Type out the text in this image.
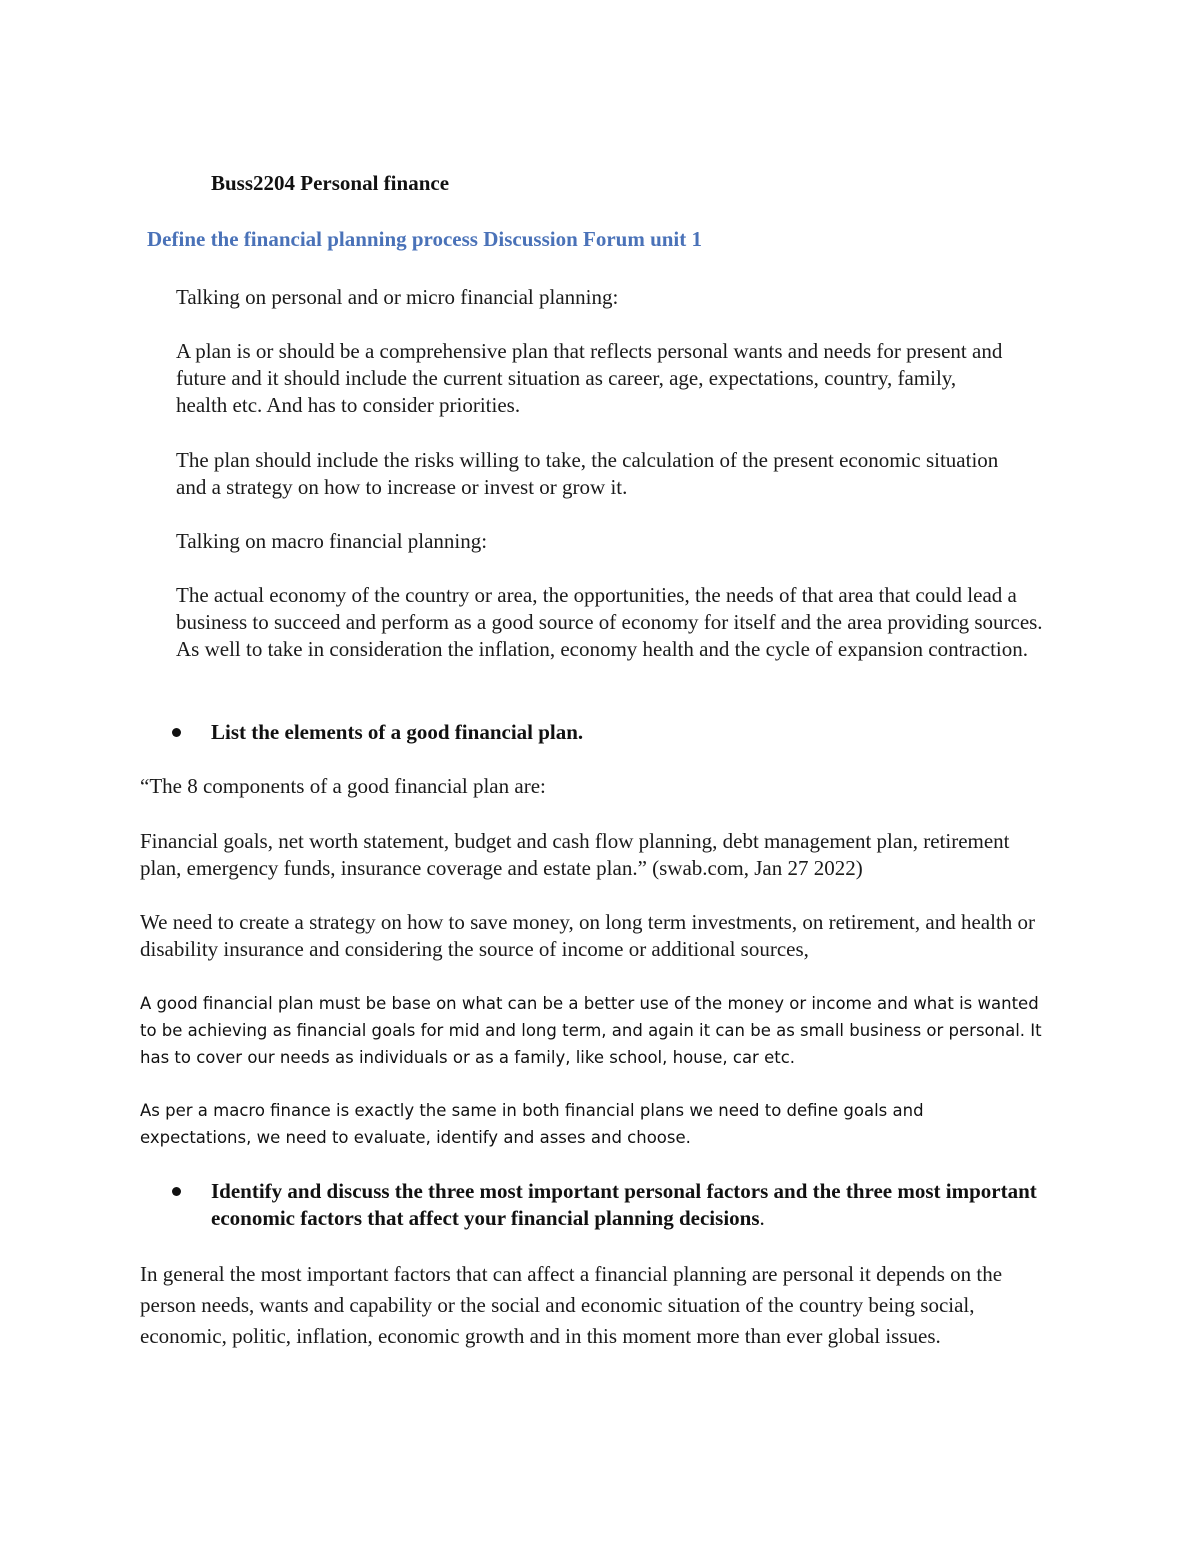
Buss2204 Personal finance

Define the financial planning process Discussion Forum unit 1

Talking on personal and or micro financial planning:

A plan is or should be a comprehensive plan that reflects personal wants and needs for present and future and it should include the current situation as career, age, expectations, country, family, health etc. And has to consider priorities.

The plan should include the risks willing to take, the calculation of the present economic situation and a strategy on how to increase or invest or grow it.

Talking on macro financial planning:

The actual economy of the country or area, the opportunities, the needs of that area that could lead a business to succeed and perform as a good source of economy for itself and the area providing sources. As well to take in consideration the inflation, economy health and the cycle of expansion contraction.

List the elements of a good financial plan.

“The 8 components of a good financial plan are:

Financial goals, net worth statement, budget and cash flow planning, debt management plan, retirement plan, emergency funds, insurance coverage and estate plan.” (swab.com, Jan 27 2022)

We need to create a strategy on how to save money, on long term investments, on retirement, and health or disability insurance and considering the source of income or additional sources,

A good financial plan must be base on what can be a better use of the money or income and what is wanted to be achieving as financial goals for mid and long term, and again it can be as small business or personal. It has to cover our needs as individuals or as a family, like school, house, car etc.

As per a macro finance is exactly the same in both financial plans we need to define goals and expectations, we need to evaluate, identify and asses and choose.

Identify and discuss the three most important personal factors and the three most important economic factors that affect your financial planning decisions.

In general the most important factors that can affect a financial planning are personal it depends on the person needs, wants and capability or the social and economic situation of the country being social, economic, politic, inflation, economic growth and in this moment more than ever global issues.
